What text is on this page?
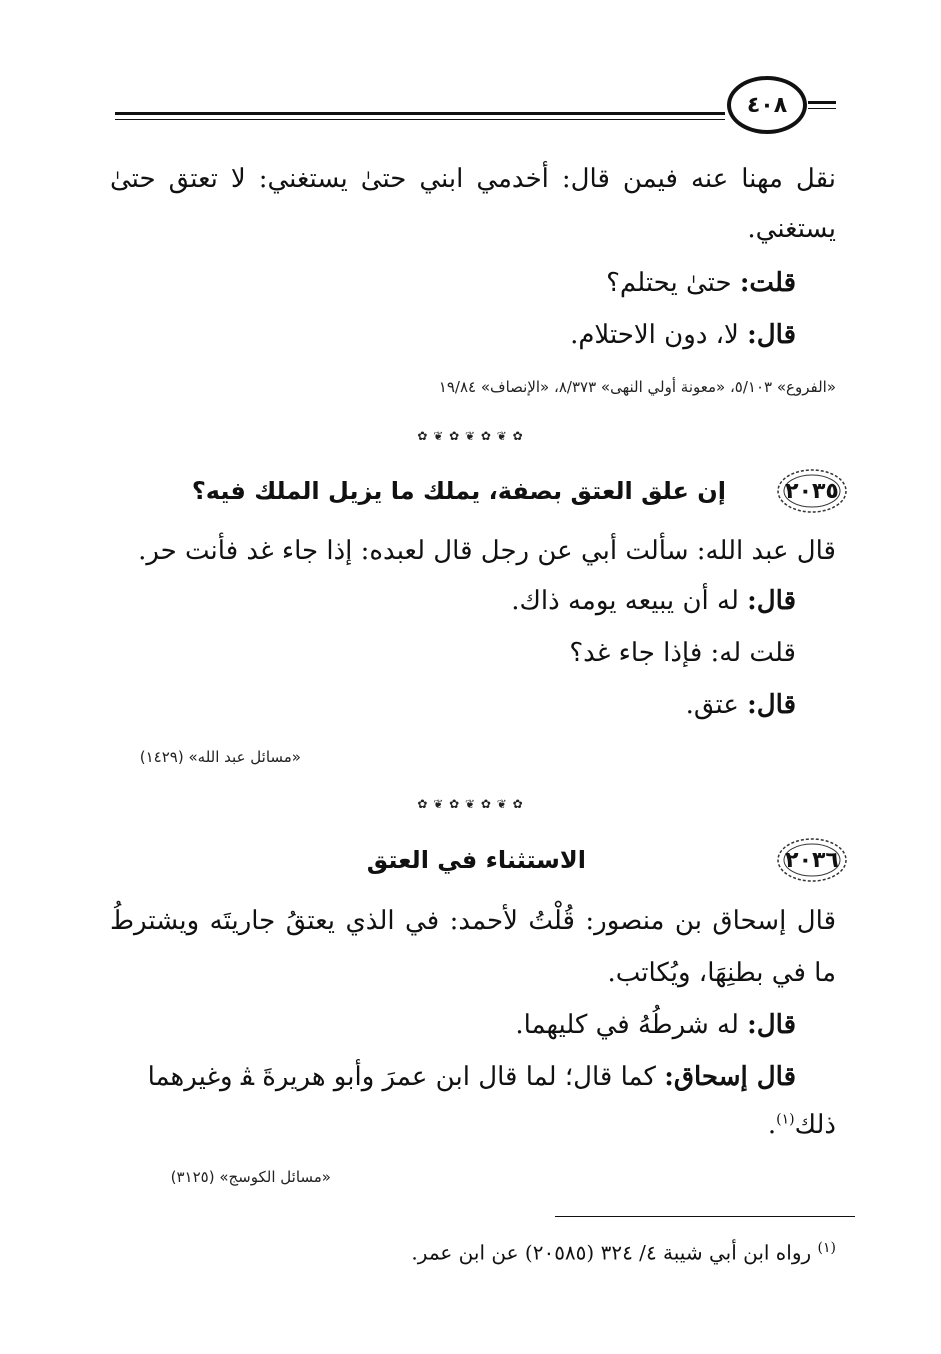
٤٠٨
نقل مهنا عنه فيمن قال: أخدمي ابني حتىٰ يستغني: لا تعتق حتىٰ
يستغني.
قلت: حتىٰ يحتلم؟
قال: لا، دون الاحتلام.
«الفروع» ٥/١٠٣، «معونة أولي النهى» ٨/٣٧٣، «الإنصاف» ١٩/٨٤
✿ ❦ ✿ ❦ ✿ ❦ ✿
٢٠٣٥
إن علق العتق بصفة، يملك ما يزيل الملك فيه؟
قال عبد الله: سألت أبي عن رجل قال لعبده: إذا جاء غد فأنت حر.
قال: له أن يبيعه يومه ذاك.
قلت له: فإذا جاء غد؟
قال: عتق.
«مسائل عبد الله» (١٤٢٩)
✿ ❦ ✿ ❦ ✿ ❦ ✿
٢٠٣٦
الاستثناء في العتق
قال إسحاق بن منصور: قُلْتُ لأحمد: في الذي يعتقُ جاريتَه ويشترطُ
ما في بطنِهَا، ويُكاتب.
قال: له شرطُهُ في كليهما.
قال إسحاق: كما قال؛ لما قال ابن عمرَ وأبو هريرةَ ﭭ وغيرهما
ذلك$^{(١)}$.
«مسائل الكوسج» (٣١٢٥)
$^{(١)}$ رواه ابن أبي شيبة ٤/ ٣٢٤ (٢٠٥٨٥) عن ابن عمر.
